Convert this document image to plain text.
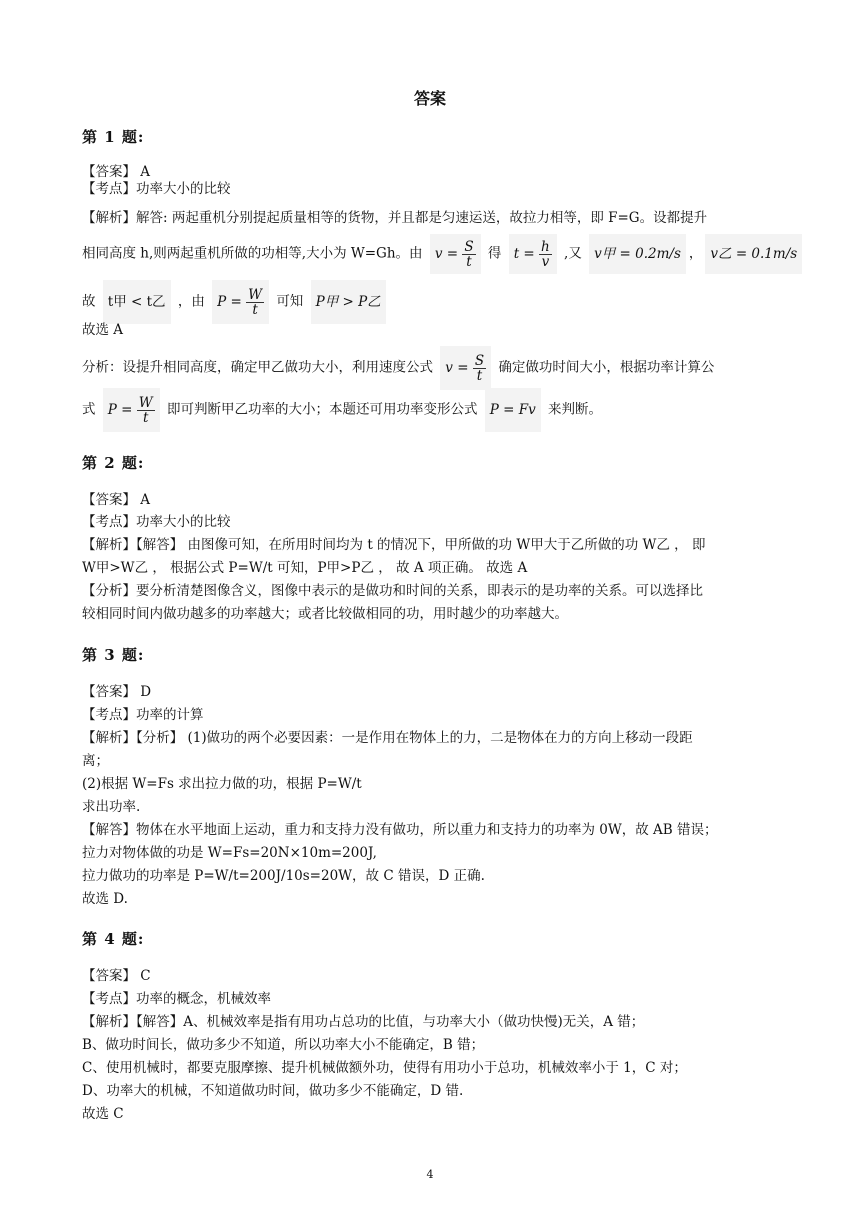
答案
第 1 题:
【答案】 A
【考点】功率大小的比较
【解析】解答: 两起重机分别提起质量相等的货物，并且都是匀速运送，故拉力相等，即 F=G。设都提升
相同高度 h,则两起重机所做的功相等,大小为 W=Gh。由 $v = \frac{S}{t}$ 得 $t = \frac{h}{v}$ ,又 v甲 = 0.2m/s ， v乙 = 0.1m/s
故 t甲 < t乙 ，由 $P = \frac{W}{t}$ 可知 P甲 > P乙
故选 A
分析：设提升相同高度，确定甲乙做功大小，利用速度公式 $v = \frac{S}{t}$ 确定做功时间大小，根据功率计算公
式 $P = \frac{W}{t}$ 即可判断甲乙功率的大小；本题还可用功率变形公式 P = Fv 来判断。
第 2 题:
【答案】 A
【考点】功率大小的比较
【解析】【解答】 由图像可知，在所用时间均为 t 的情况下，甲所做的功 W甲大于乙所做的功 W乙 ， 即
W甲>W乙 ， 根据公式 P=W/t 可知，P甲>P乙 ， 故 A 项正确。 故选 A
【分析】要分析清楚图像含义，图像中表示的是做功和时间的关系，即表示的是功率的关系。可以选择比
较相同时间内做功越多的功率越大；或者比较做相同的功，用时越少的功率越大。
第 3 题:
【答案】 D
【考点】功率的计算
【解析】【分析】 (1)做功的两个必要因素：一是作用在物体上的力，二是物体在力的方向上移动一段距
离；
(2)根据 W=Fs 求出拉力做的功，根据 P=W/t
求出功率.
【解答】物体在水平地面上运动，重力和支持力没有做功，所以重力和支持力的功率为 0W，故 AB 错误；
拉力对物体做的功是 W=Fs=20N×10m=200J,
拉力做功的功率是 P=W/t=200J/10s=20W，故 C 错误，D 正确.
故选 D.
第 4 题:
【答案】 C
【考点】功率的概念，机械效率
【解析】【解答】A、机械效率是指有用功占总功的比值，与功率大小（做功快慢)无关，A 错；
B、做功时间长，做功多少不知道，所以功率大小不能确定，B 错；
C、使用机械时，都要克服摩擦、提升机械做额外功，使得有用功小于总功，机械效率小于 1，C 对；
D、功率大的机械，不知道做功时间，做功多少不能确定，D 错.
故选 C
4
